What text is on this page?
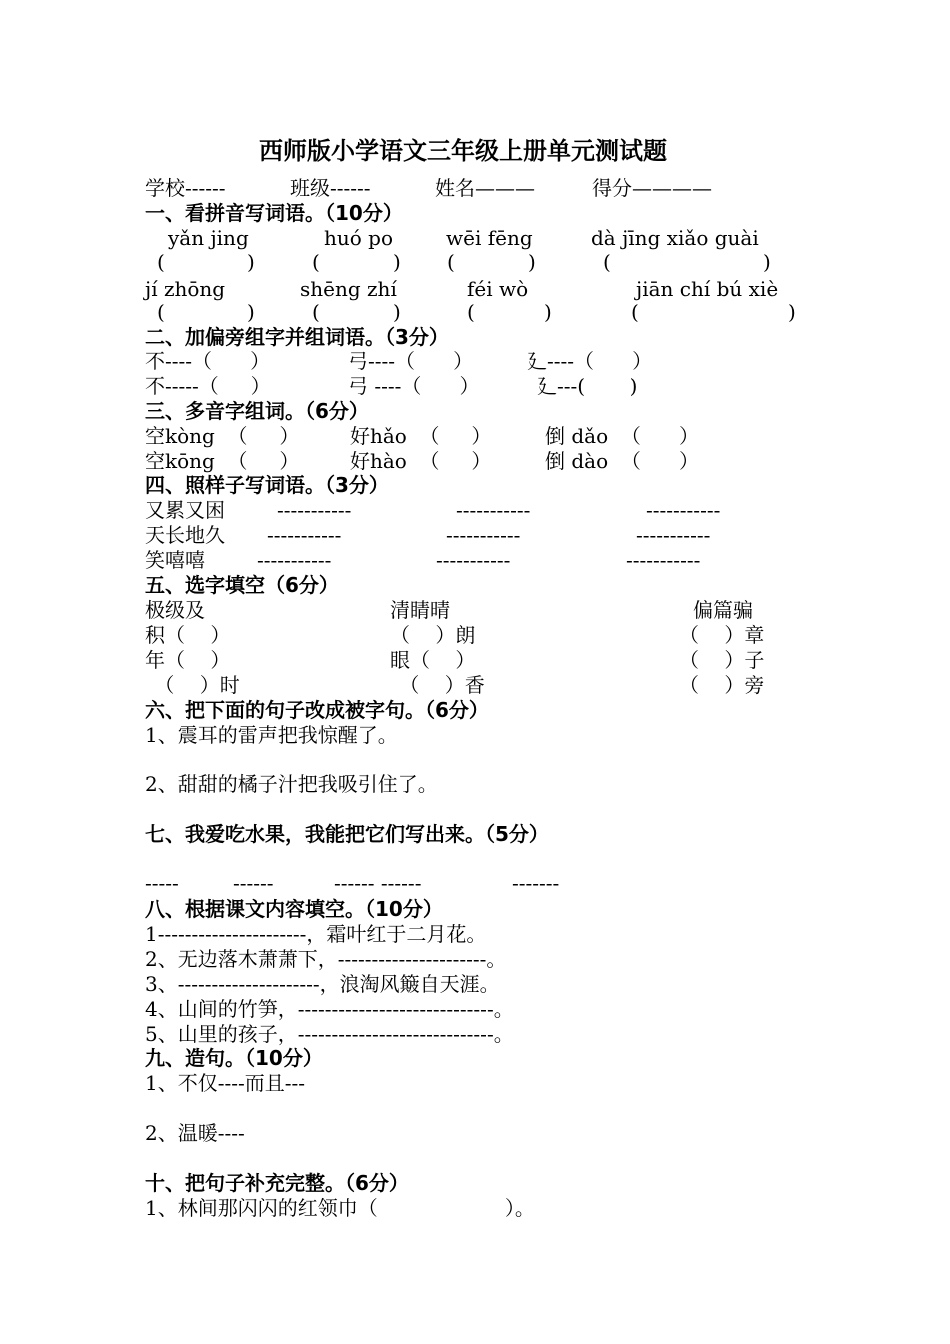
西师版小学语文三年级上册单元测试题
学校------	班级------	姓名———	得分————
一、看拼音写词语。（10分）
yǎn jing	huó po	wēi fēng	dà jīng xiǎo guài
(	)	(	) (	)	(	)
jí zhōng	shēng zhí	féi wò	jiān chí bú xiè
(	)	(	)	(	)	(	)
二、加偏旁组字并组词语。（3分）
不----（      ）	弓----（      ）	廴----（      ）
不-----（     ）	弓 ----（      ）	廴---(       )
三、多音字组词。（6分）
空kòng  （     ）	好hǎo  （     ）	倒 dǎo  （      ）
空kōng  （     ）	好hào  （     ）	倒 dào  （      ）
四、照样子写词语。（3分）
又累又困	-----------	-----------	-----------
天长地久 -----------	-----------	-----------
笑嘻嘻	-----------	-----------	-----------
五、选字填空（6分）
极级及	清睛晴	偏篇骗
积（    ）	（    ）朗	（    ）章
年（    ）	眼（    ）	（    ）子
（    ）时	（    ）香	（    ）旁
六、把下面的句子改成被字句。（6分）
1、震耳的雷声把我惊醒了。
2、甜甜的橘子汁把我吸引住了。
七、我爱吃水果，我能把它们写出来。（5分）
-----	------	------ ------	-------
八、根据课文内容填空。（10分）
1----------------------，霜叶红于二月花。
2、无边落木萧萧下，----------------------。
3、---------------------，浪淘风簸自天涯。
4、山间的竹笋，-----------------------------。
5、山里的孩子，-----------------------------。
九、造句。（10分）
1、不仅----而且---
2、温暖----
十、把句子补充完整。（6分）
1、林间那闪闪的红领巾（                    ）。
